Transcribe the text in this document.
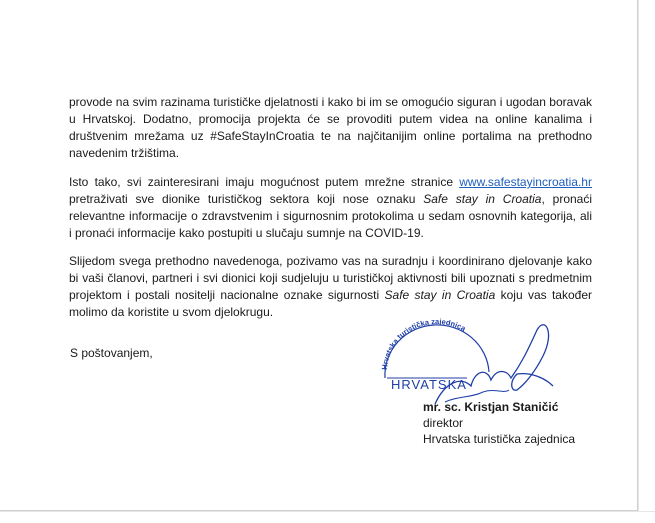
provode na svim razinama turističke djelatnosti i kako bi im se omogućio siguran i ugodan boravak
u Hrvatskoj. Dodatno, promocija projekta će se provoditi putem videa na online kanalima i
društvenim mrežama uz #SafeStayInCroatia te na najčitanijim online portalima na prethodno
navedenim tržištima.
Isto tako, svi zainteresirani imaju mogućnost putem mrežne stranice www.safestayincroatia.hr
pretraživati sve dionike turističkog sektora koji nose oznaku Safe stay in Croatia, pronaći
relevantne informacije o zdravstvenim i sigurnosnim protokolima u sedam osnovnih kategorija, ali
i pronaći informacije kako postupiti u slučaju sumnje na COVID-19.
Slijedom svega prethodno navedenoga, pozivamo vas na suradnju i koordinirano djelovanje kako
bi vaši članovi, partneri i svi dionici koji sudjeluju u turističkoj aktivnosti bili upoznati s predmetnim
projektom i postali nositelji nacionalne oznake sigurnosti Safe stay in Croatia koju vas također
molimo da koristite u svom djelokrugu.
S poštovanjem,
Hrvatska turistička zajednica
HRVATSKA
mr. sc. Kristjan Staničić
direktor
Hrvatska turistička zajednica
